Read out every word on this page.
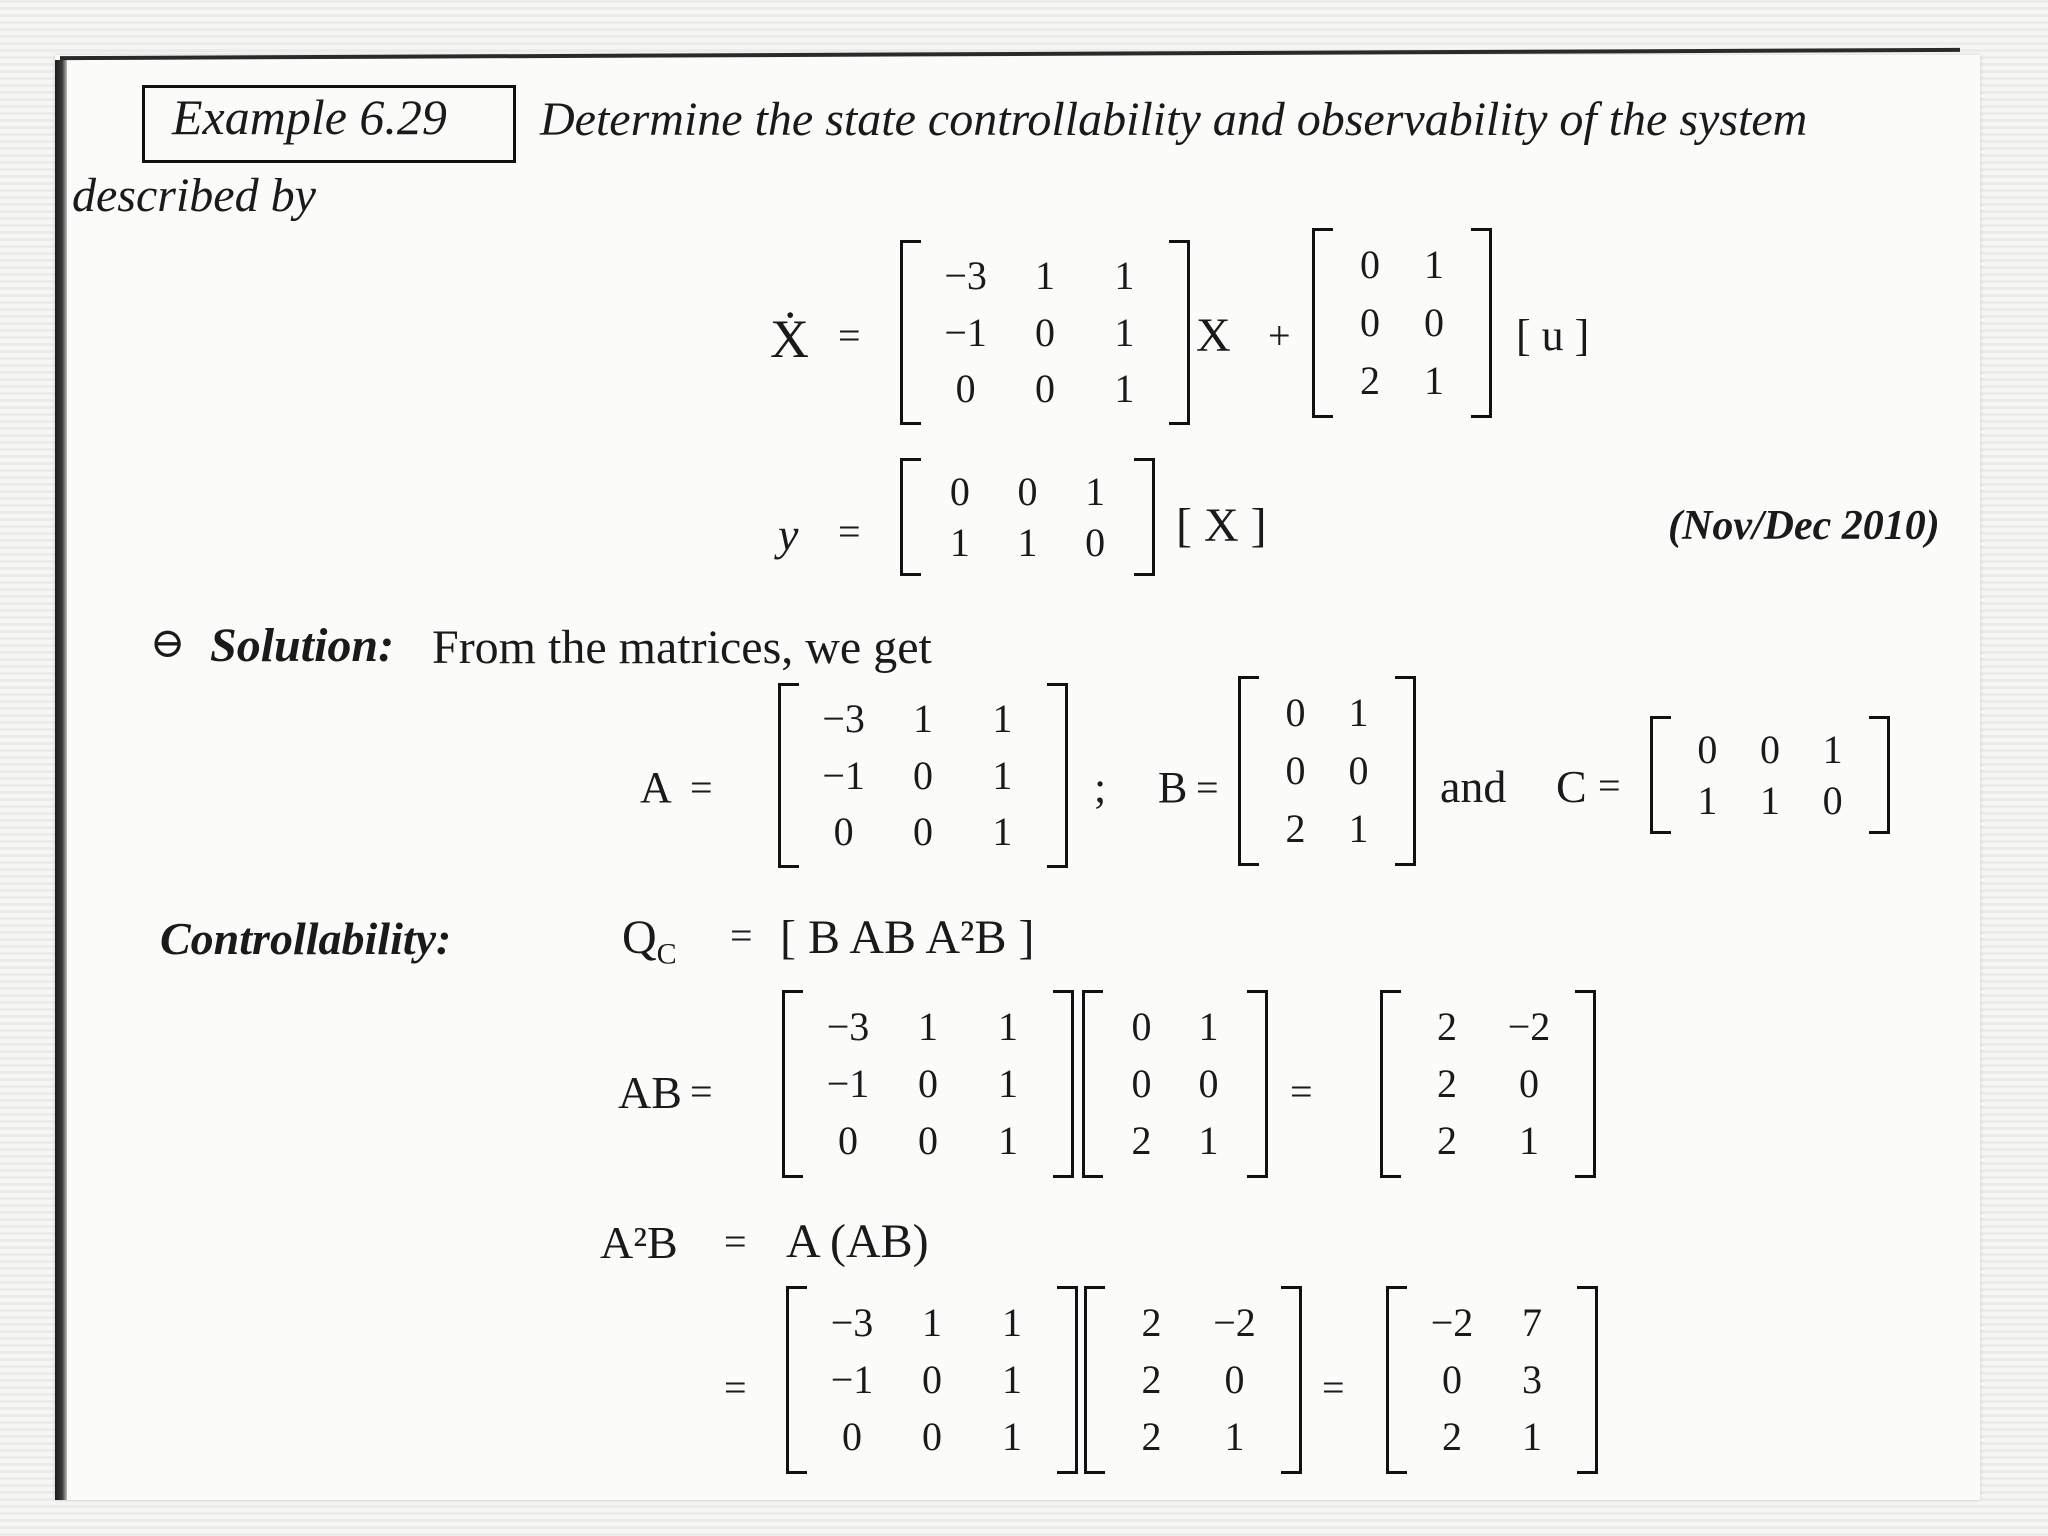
Example 6.29 Determine the state controllability and observability of the system
described by
Ẋ =
−3	1	1
−1	0	1
0	0	1
X +
0	1
0	0
2	1
[ u ]
y =
0	0	1
1	1	0	[ X ]	(Nov/Dec 2010)
⊖ Solution: From the matrices, we get
A =
−3	1	1
−1	0	1
0	0	1
; B =
0	1
0	0
2	1
and C =
0	0	1
1	1	0
Controllability:	$Q_C$ = [ B AB A²B ]
AB =
−3	1	1
−1	0	1
0	0	1
0	1
0	0
2	1
=
2	−2
2	0
2	1
A²B = A (AB)
=
−3	1	1
−1	0	1
0	0	1
2	−2
2	0
2	1
=
−2	7
0	3
2	1
